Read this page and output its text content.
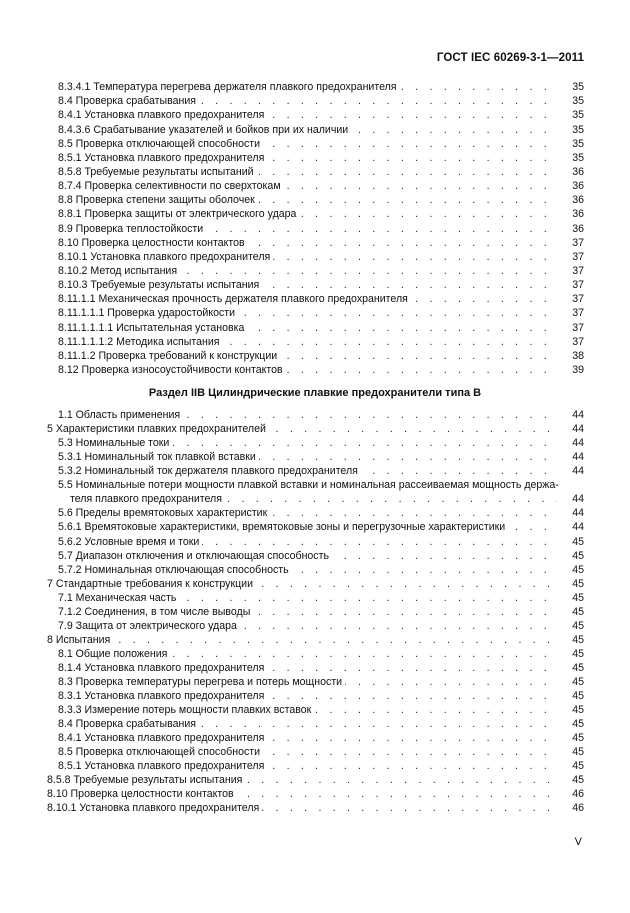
ГОСТ IEC 60269-3-1—2011
. . .
35
8.3.4.1 Температура перегрева держателя плавкого предохранителя
. . .
35
8.4 Проверка срабатывания
. . .
35
8.4.1 Установка плавкого предохранителя
. . .
35
8.4.3.6 Срабатывание указателей и бойков при их наличии
. . .
35
8.5 Проверка отключающей способности
. . .
35
8.5.1 Установка плавкого предохранителя
. . .
36
8.5.8 Требуемые результаты испытаний
. . .
36
8.7.4 Проверка селективности по сверхтокам
. . .
36
8.8 Проверка степени защиты оболочек
. . .
36
8.8.1 Проверка защиты от электрического удара
. . .
36
8.9 Проверка теплостойкости
. . .
37
8.10 Проверка целостности контактов
. . .
37
8.10.1 Установка плавкого предохранителя
. . .
37
8.10.2 Метод испытания
. . .
37
8.10.3 Требуемые результаты испытания
. . .
37
8.11.1.1 Механическая прочность держателя плавкого предохранителя
. . .
37
8.11.1.1.1 Проверка ударостойкости
. . .
37
8.11.1.1.1.1 Испытательная установка
. . .
37
8.11.1.1.1.2 Методика испытания
. . .
38
8.11.1.2 Проверка требований к конструкции
. . .
39
8.12 Проверка износоустойчивости контактов
Раздел IIB Цилиндрические плавкие предохранители типа В
. . .
44
1.1 Область применения
. . .
44
5 Характеристики плавких предохранителей
. . .
44
5.3 Номинальные токи
. . .
44
5.3.1 Номинальный ток плавкой вставки
. . .
44
5.3.2 Номинальный ток держателя плавкого предохранителя
5.5 Номинальные потери мощности плавкой вставки и номинальная рассеиваемая мощность держа-
. . .
44
теля плавкого предохранителя
. . .
44
5.6 Пределы времятоковых характеристик
. . .
44
5.6.1 Времятоковые характеристики, времятоковые зоны и перегрузочные характеристики
. . .
45
5.6.2 Условные время и токи
. . .
45
5.7 Диапазон отключения и отключающая способность
. . .
45
5.7.2 Номинальная отключающая способность
. . .
45
7 Стандартные требования к конструкции
. . .
45
7.1 Механическая часть
. . .
45
7.1.2 Соединения, в том числе выводы
. . .
45
7.9 Защита от электрического удара
. . .
45
8 Испытания
. . .
45
8.1 Общие положения
. . .
45
8.1.4 Установка плавкого предохранителя
. . .
45
8.3 Проверка температуры перегрева и потерь мощности
. . .
45
8.3.1 Установка плавкого предохранителя
. . .
45
8.3.3 Измерение потерь мощности плавких вставок
. . .
45
8.4 Проверка срабатывания
. . .
45
8.4.1 Установка плавкого предохранителя
. . .
45
8.5 Проверка отключающей способности
. . .
45
8.5.1 Установка плавкого предохранителя
. . .
45
8.5.8 Требуемые результаты испытания
. . .
46
8.10 Проверка целостности контактов
. . .
46
8.10.1 Установка плавкого предохранителя
V
